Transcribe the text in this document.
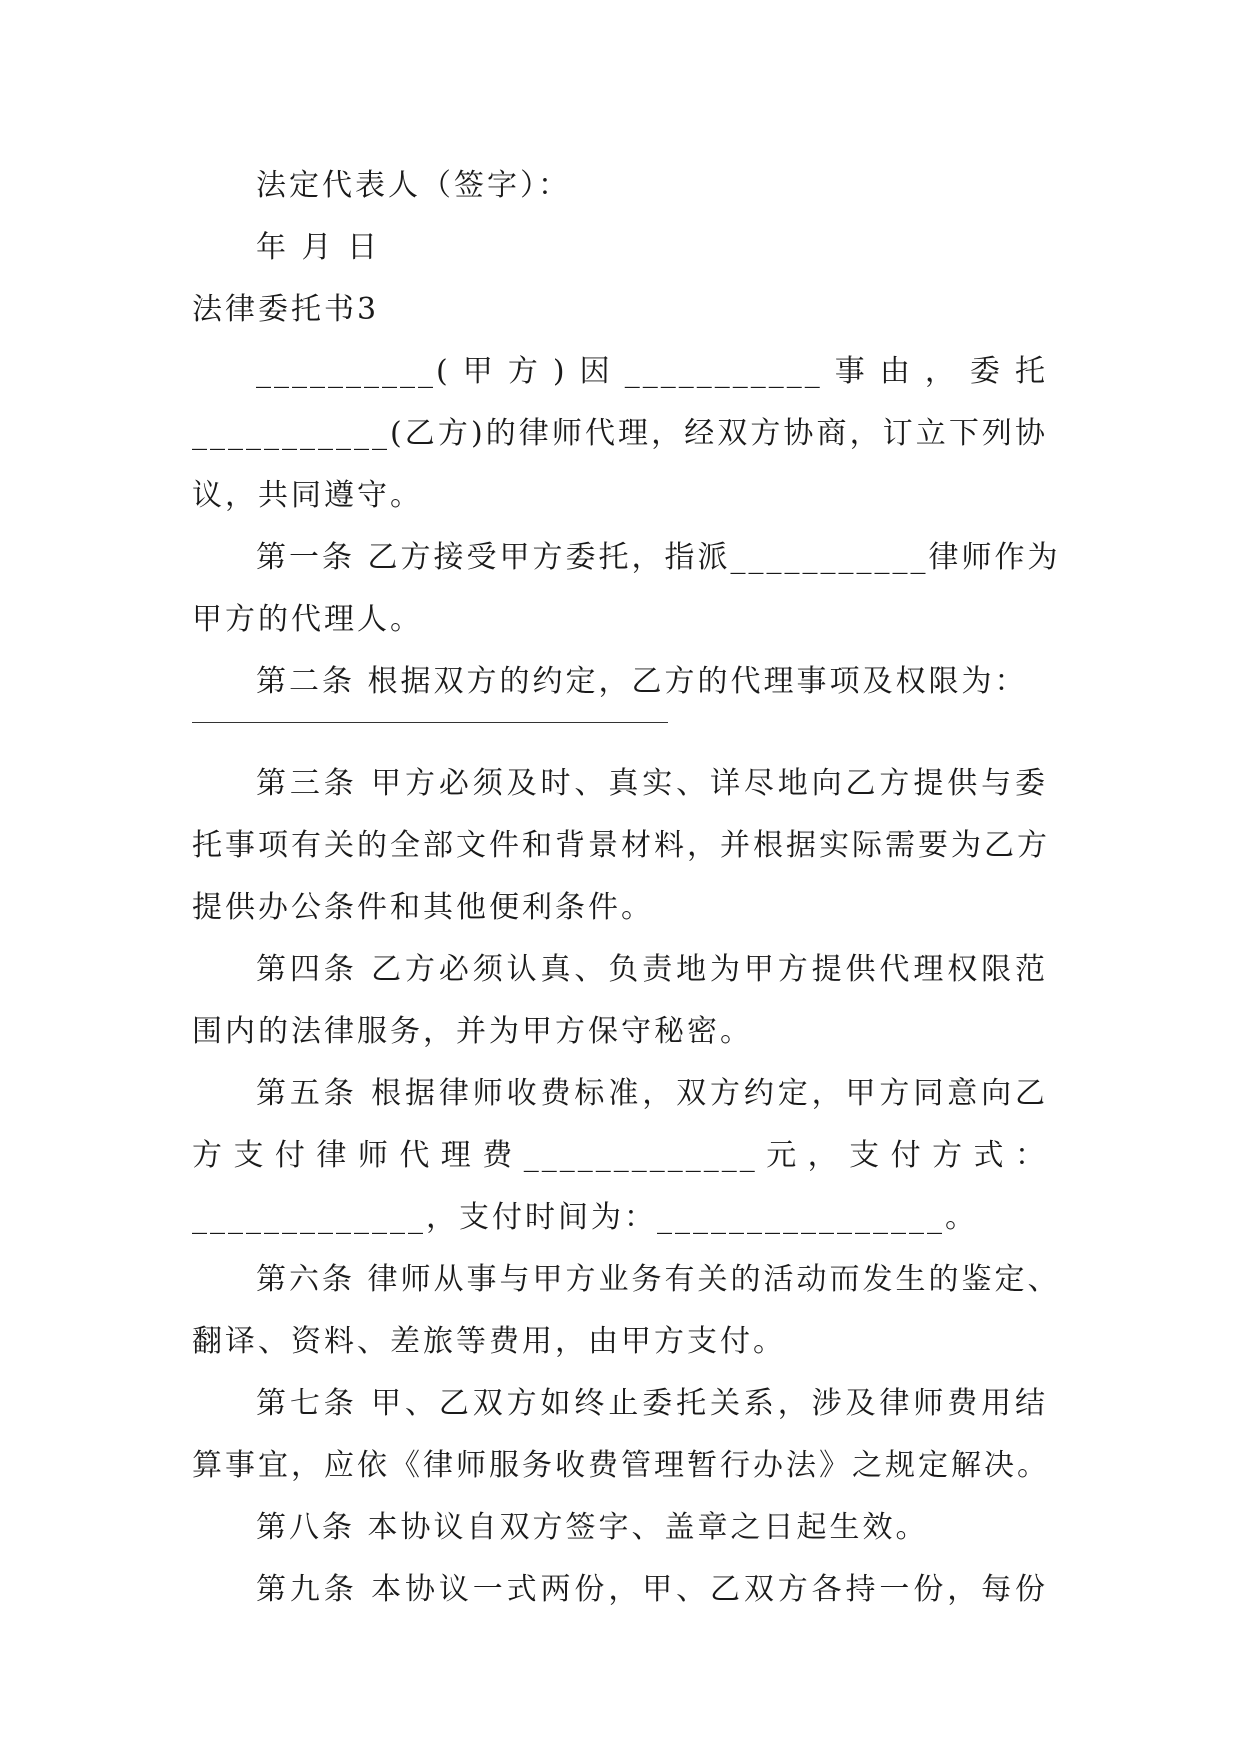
法定代表人（签字）：
年 月 日
法律委托书3
__________(甲方)因___________事由，委托
___________(乙方)的律师代理，经双方协商，订立下列协
议，共同遵守。
第一条 乙方接受甲方委托，指派___________律师作为
甲方的代理人。
第二条 根据双方的约定，乙方的代理事项及权限为：
第三条 甲方必须及时、真实、详尽地向乙方提供与委
托事项有关的全部文件和背景材料，并根据实际需要为乙方
提供办公条件和其他便利条件。
第四条 乙方必须认真、负责地为甲方提供代理权限范
围内的法律服务，并为甲方保守秘密。
第五条 根据律师收费标准，双方约定，甲方同意向乙
方支付律师代理费_____________元，支付方式：
_____________，支付时间为：________________。
第六条 律师从事与甲方业务有关的活动而发生的鉴定、
翻译、资料、差旅等费用，由甲方支付。
第七条 甲、乙双方如终止委托关系，涉及律师费用结
算事宜，应依《律师服务收费管理暂行办法》之规定解决。
第八条 本协议自双方签字、盖章之日起生效。
第九条 本协议一式两份，甲、乙双方各持一份，每份
